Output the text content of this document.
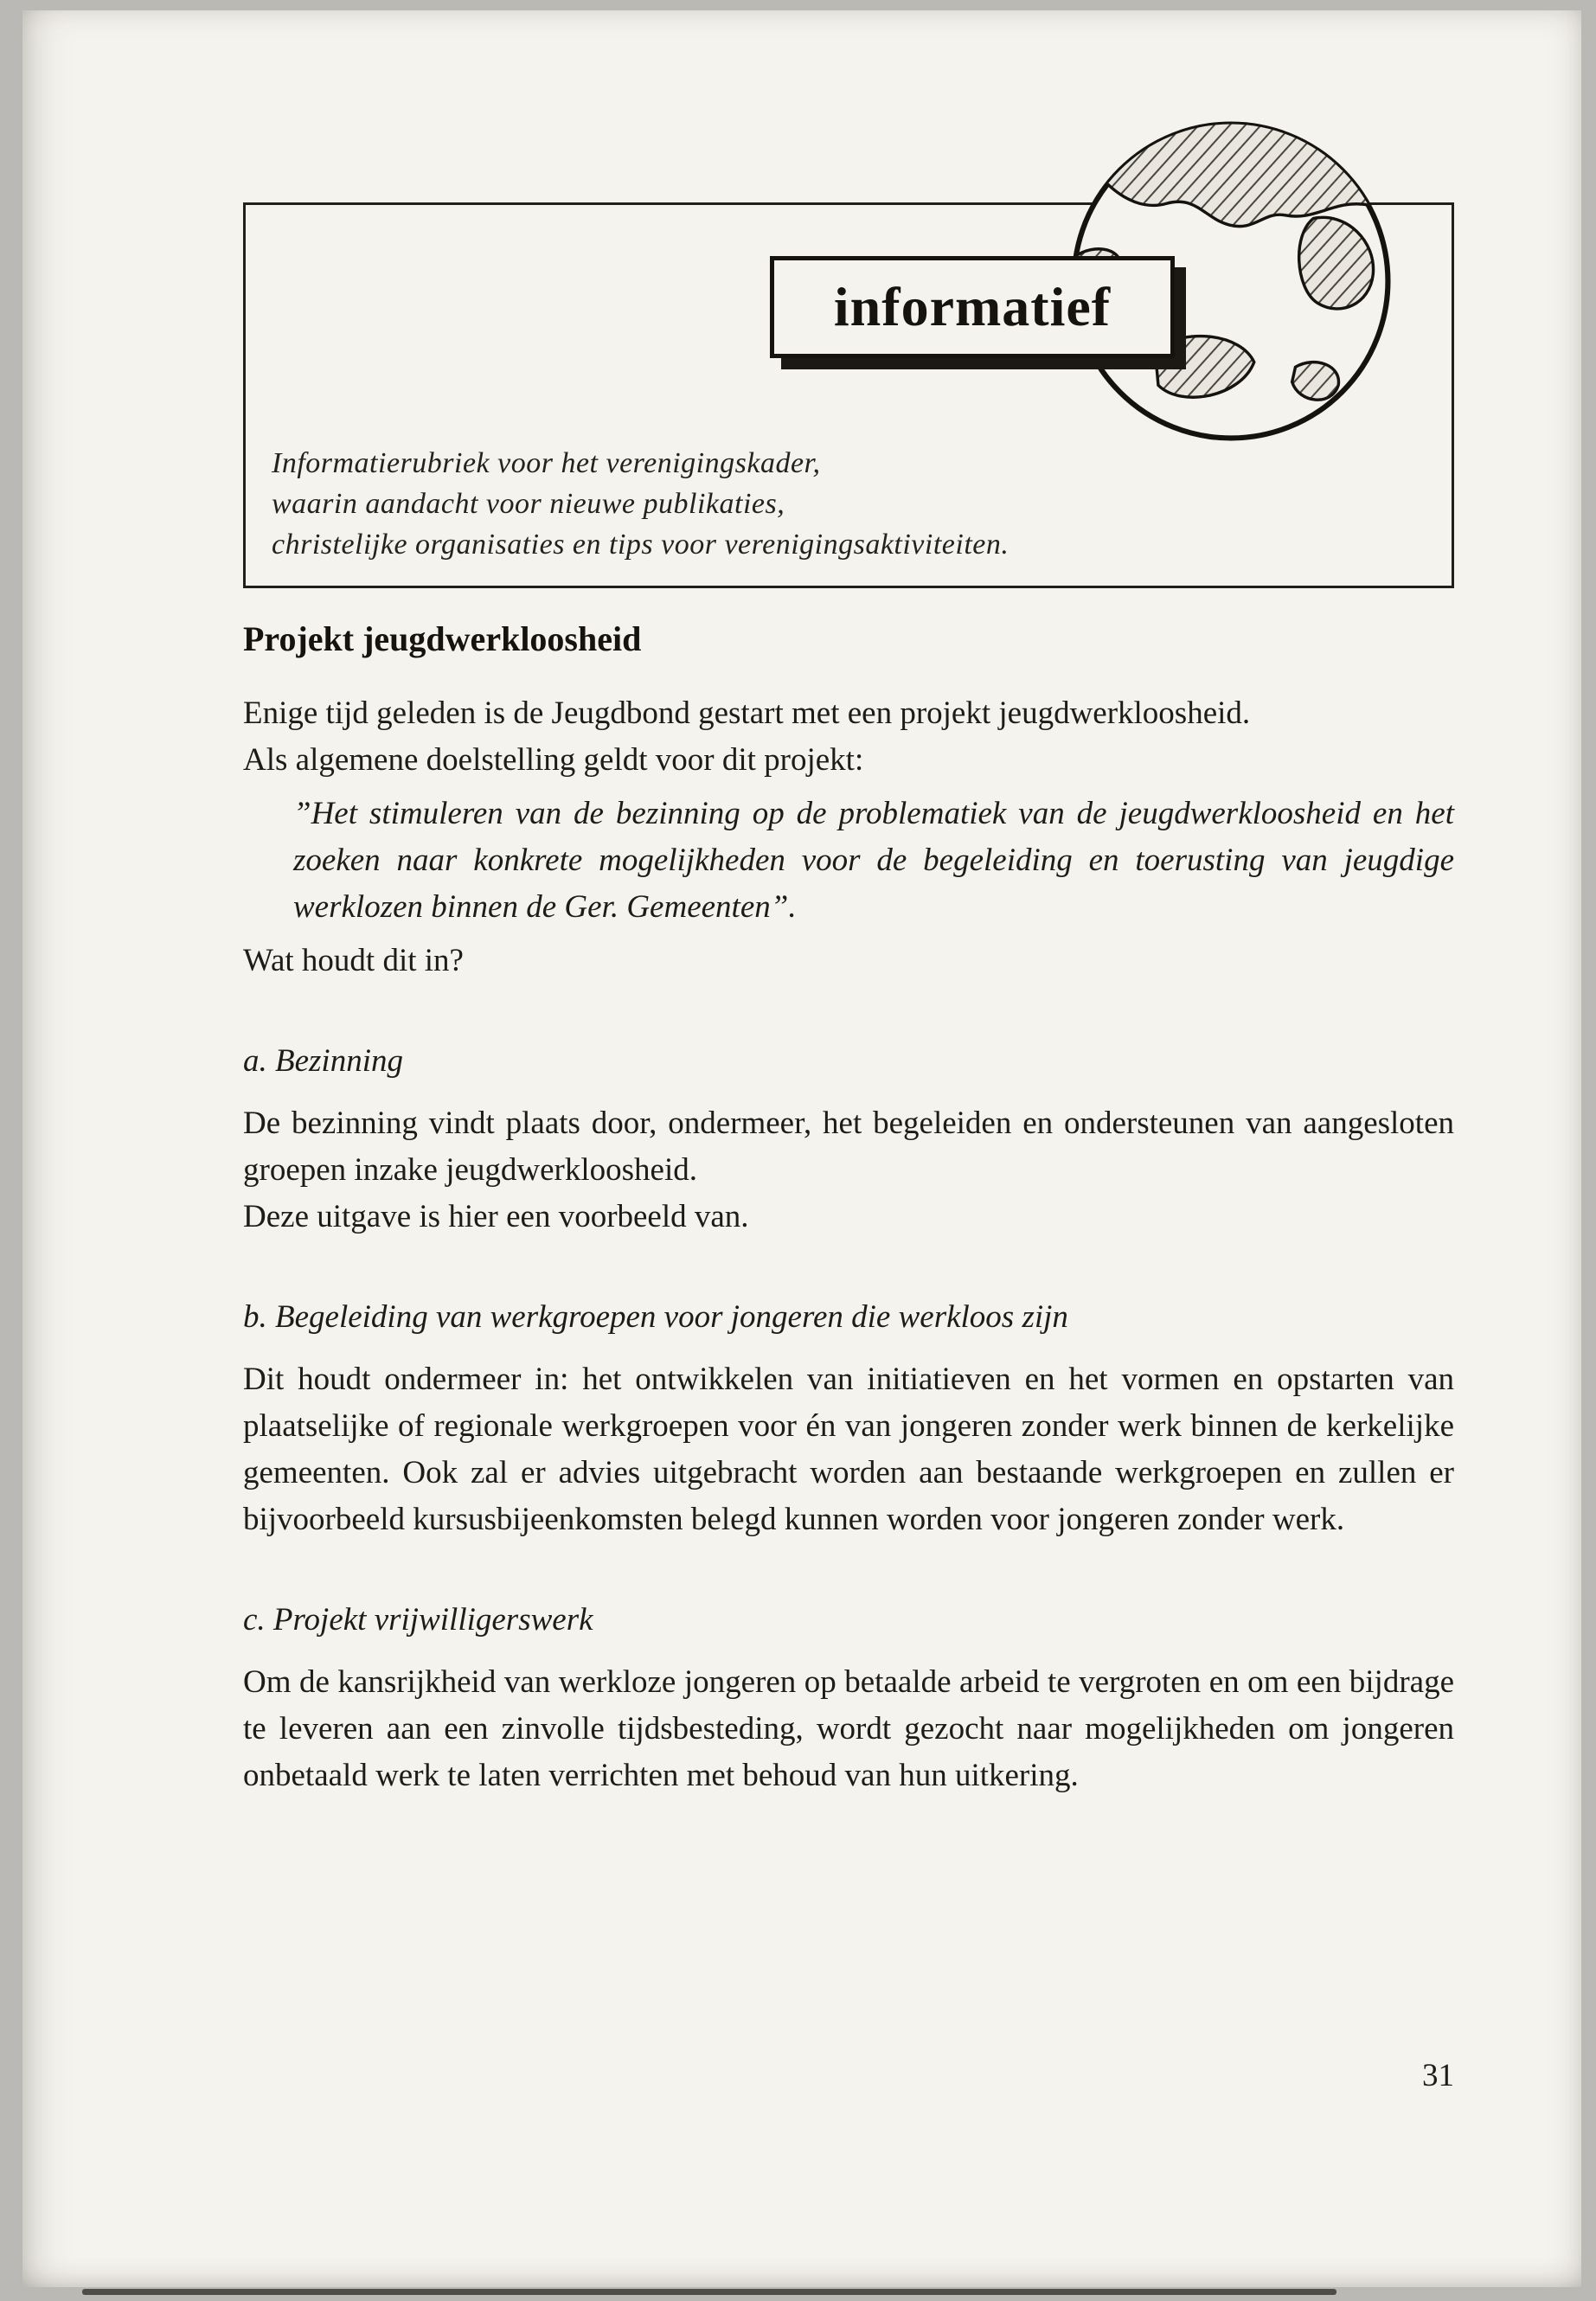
Informatierubriek voor het verenigingskader,
waarin aandacht voor nieuwe publikaties,
christelijke organisaties en tips voor verenigingsaktiviteiten.
informatief
Projekt jeugdwerkloosheid

Enige tijd geleden is de Jeugdbond gestart met een projekt jeugdwerkloosheid.

Als algemene doelstelling geldt voor dit projekt:

”Het stimuleren van de bezinning op de problematiek van de jeugdwerkloosheid en het zoeken naar konkrete mogelijkheden voor de begeleiding en toerusting van jeugdige werklozen binnen de Ger. Gemeenten”.

Wat houdt dit in?

a. Bezinning

De bezinning vindt plaats door, ondermeer, het begeleiden en ondersteunen van aangesloten groepen inzake jeugdwerkloosheid.

Deze uitgave is hier een voorbeeld van.

b. Begeleiding van werkgroepen voor jongeren die werkloos zijn

Dit houdt ondermeer in: het ontwikkelen van initiatieven en het vormen en opstarten van plaatselijke of regionale werkgroepen voor én van jongeren zonder werk binnen de kerkelijke gemeenten. Ook zal er advies uitgebracht worden aan bestaande werkgroepen en zullen er bijvoorbeeld kursusbijeenkomsten belegd kunnen worden voor jongeren zonder werk.

c. Projekt vrijwilligerswerk

Om de kansrijkheid van werkloze jongeren op betaalde arbeid te vergroten en om een bijdrage te leveren aan een zinvolle tijdsbesteding, wordt gezocht naar mogelijkheden om jongeren onbetaald werk te laten verrichten met behoud van hun uitkering.

31
